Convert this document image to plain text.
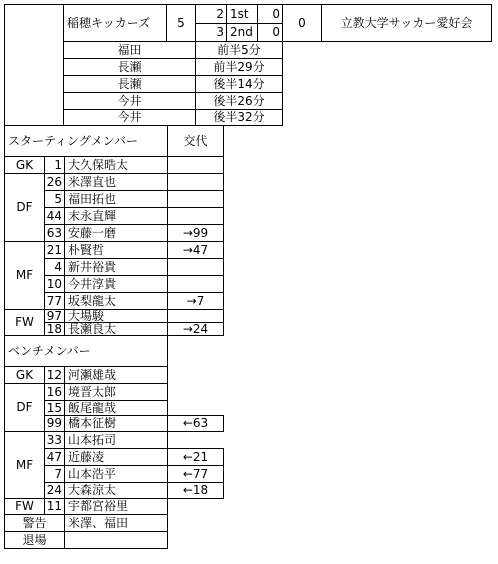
稲穂キッカーズ	5
2 1st	0
3 2nd	0
0	立教大学サッカー愛好会
福田	前半5分
長瀬	前半29分
長瀬	後半14分
今井	後半26分
今井	後半32分
スターティングメンバー	交代
GK	1 大久保晧太
DF
26 米澤直也
5 福田拓也
44 末永直輝
63 安藤一磨	→99
MF
21 朴賢哲	→47
4 新井裕貴
10 今井淳貴
77 坂梨龍太	→7
FW	97 大場駿
18 長瀬良太	→24
ベンチメンバー
GK	12 河瀬雄哉
DF
16 境晋太郎
15 飯尾龍哉
99 橋本征樹	←63
MF
33 山本拓司
47 近藤凌	←21
7 山本浩平	←77
24 大森涼太	←18
FW	11 宇都宮裕里
警告	米澤、福田
退場
